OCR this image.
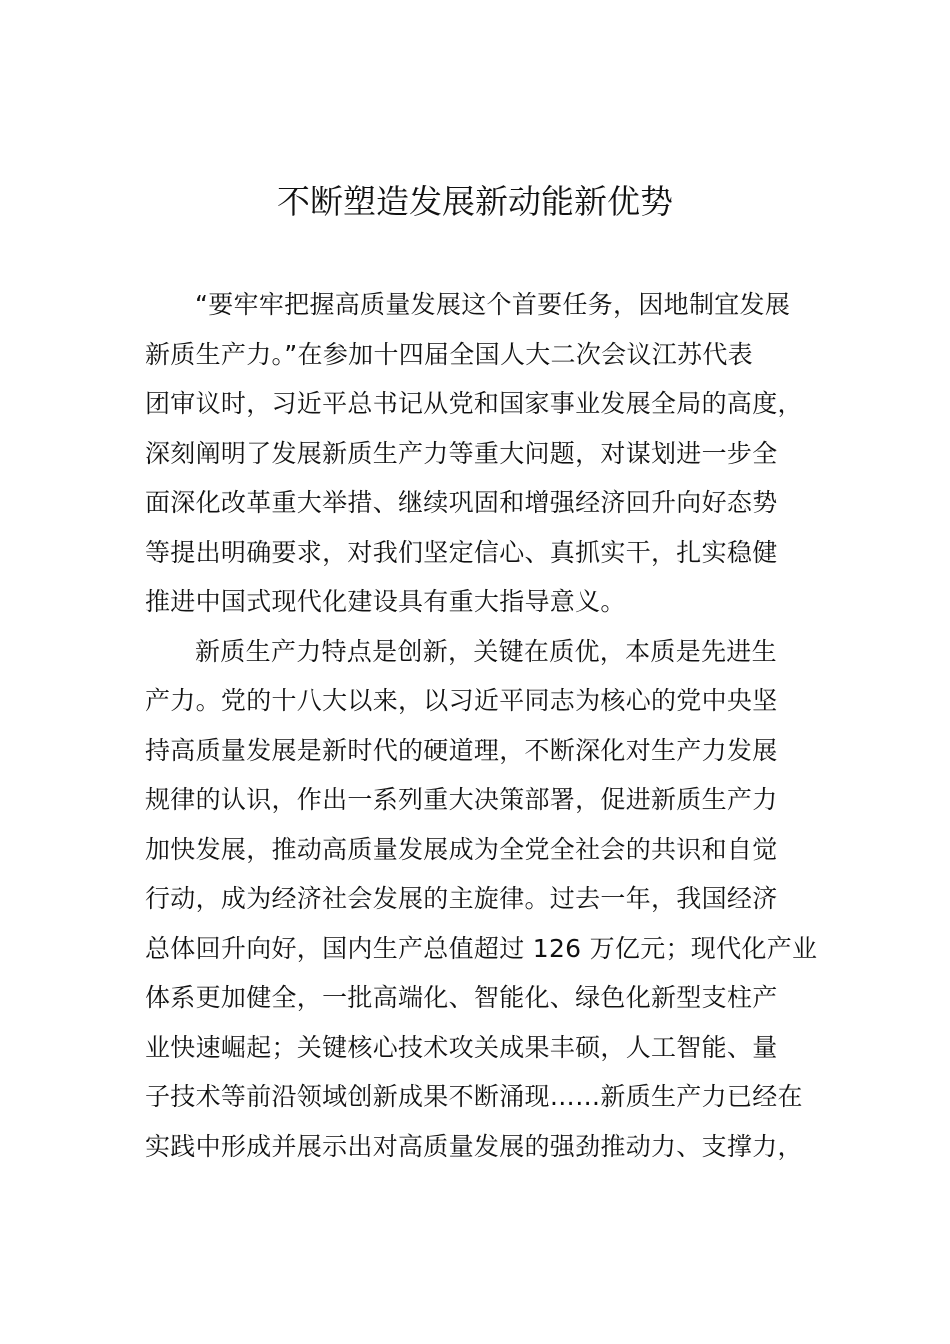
不断塑造发展新动能新优势
“要牢牢把握高质量发展这个首要任务，因地制宜发展
新质生产力。”在参加十四届全国人大二次会议江苏代表
团审议时，习近平总书记从党和国家事业发展全局的高度，
深刻阐明了发展新质生产力等重大问题，对谋划进一步全
面深化改革重大举措、继续巩固和增强经济回升向好态势
等提出明确要求，对我们坚定信心、真抓实干，扎实稳健
推进中国式现代化建设具有重大指导意义。
新质生产力特点是创新，关键在质优，本质是先进生
产力。党的十八大以来，以习近平同志为核心的党中央坚
持高质量发展是新时代的硬道理，不断深化对生产力发展
规律的认识，作出一系列重大决策部署，促进新质生产力
加快发展，推动高质量发展成为全党全社会的共识和自觉
行动，成为经济社会发展的主旋律。过去一年，我国经济
总体回升向好，国内生产总值超过 126 万亿元；现代化产业
体系更加健全，一批高端化、智能化、绿色化新型支柱产
业快速崛起；关键核心技术攻关成果丰硕，人工智能、量
子技术等前沿领域创新成果不断涌现……新质生产力已经在
实践中形成并展示出对高质量发展的强劲推动力、支撑力，
